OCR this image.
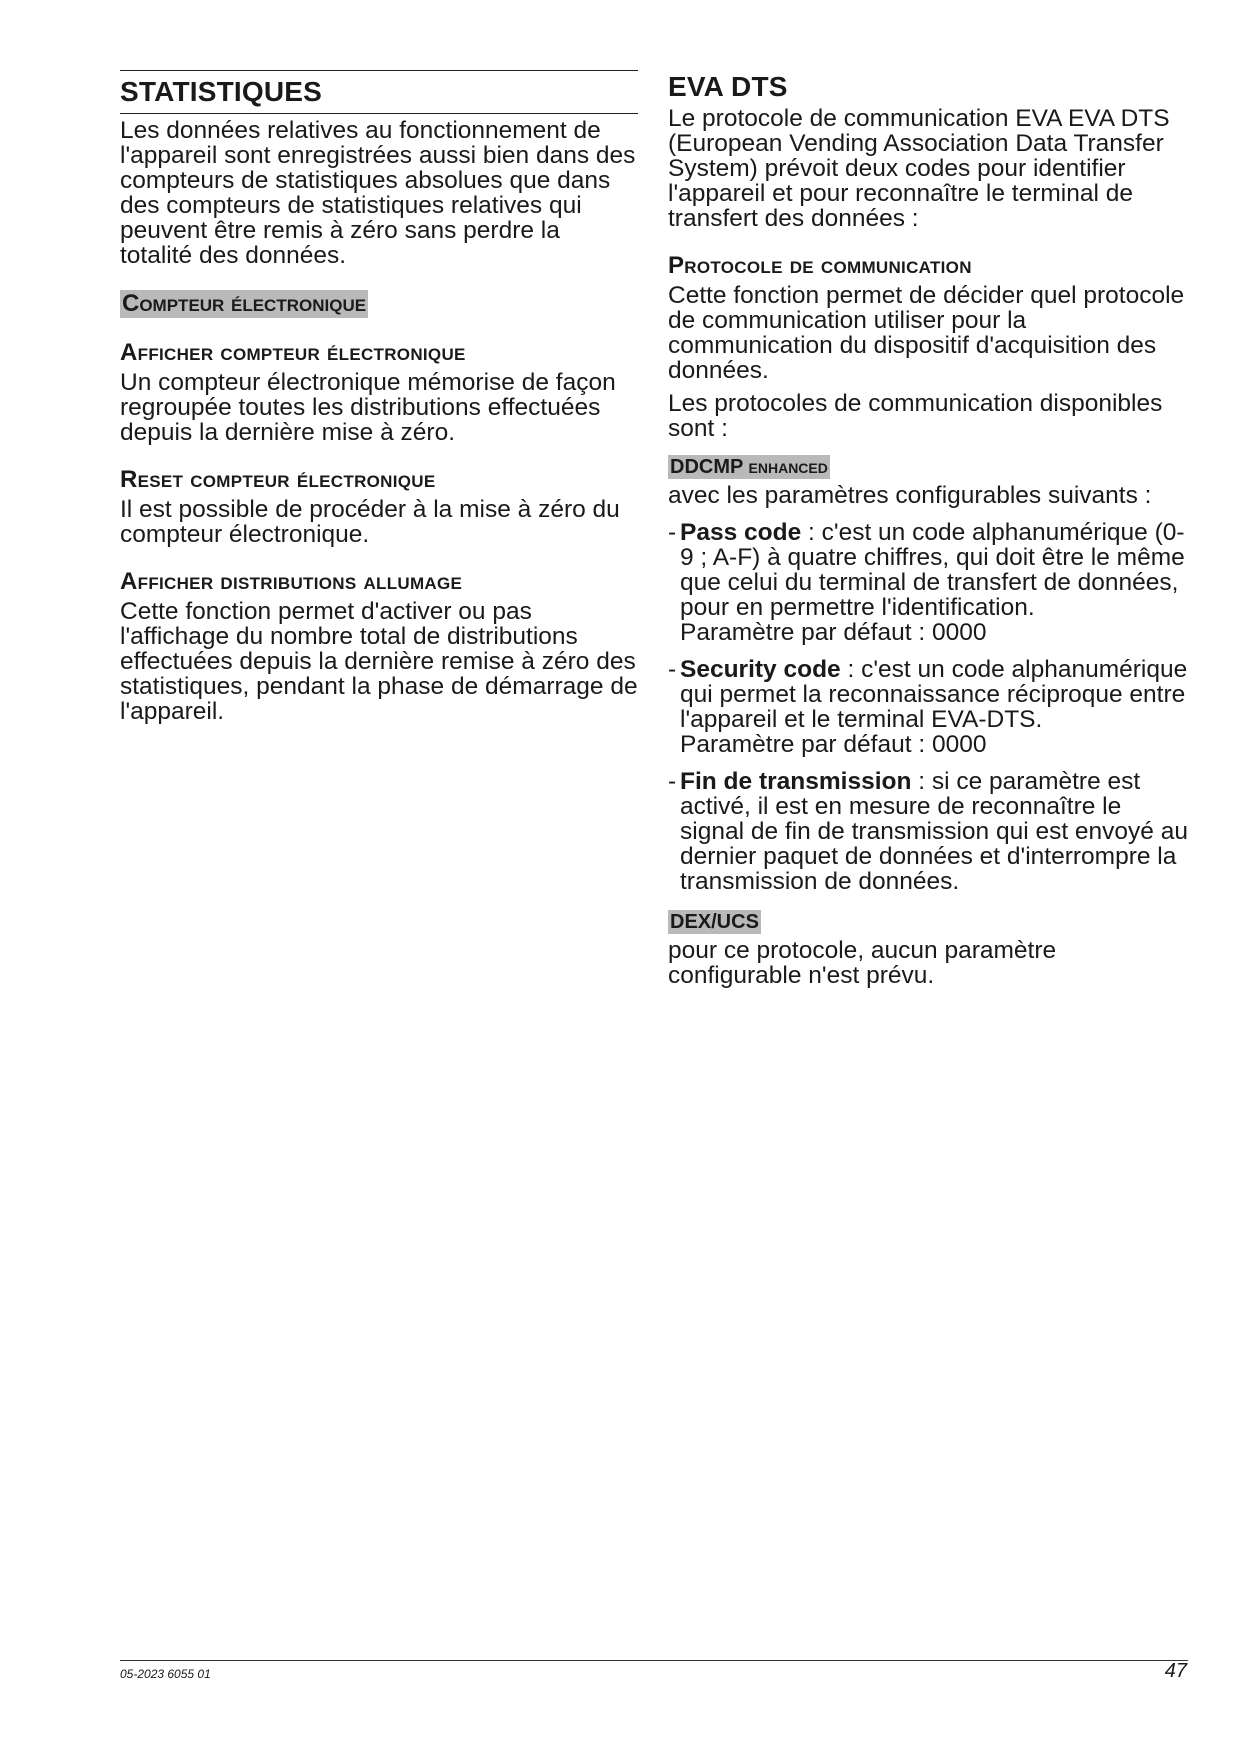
STATISTIQUES

Les données relatives au fonctionnement de l'appareil sont enregistrées aussi bien dans des compteurs de statistiques absolues que dans des compteurs de statistiques relatives qui peuvent être remis à zéro sans perdre la totalité des données.

Compteur électronique
Afficher compteur électronique

Un compteur électronique mémorise de façon regroupée toutes les distributions effectuées depuis la dernière mise à zéro.

Reset compteur électronique

Il est possible de procéder à la mise à zéro du compteur électronique.

Afficher distributions allumage

Cette fonction permet d'activer ou pas l'affichage du nombre total de distributions effectuées depuis la dernière remise à zéro des statistiques, pendant la phase de démarrage de l'appareil.

EVA DTS

Le protocole de communication EVA EVA DTS (European Vending Association Data Transfer System) prévoit deux codes pour identifier l'appareil et pour reconnaître le terminal de transfert des données :

Protocole de communication

Cette fonction permet de décider quel protocole de communication utiliser pour la communication du dispositif d'acquisition des données.

Les protocoles de communication disponibles sont :

DDCMP enhanced

avec les paramètres configurables suivants :

- Pass code : c'est un code alphanumérique (0-9 ; A-F) à quatre chiffres, qui doit être le même que celui du terminal de transfert de données, pour en permettre l'identification.
Paramètre par défaut : 0000
- Security code : c'est un code alphanumérique qui permet la reconnaissance réciproque entre l'appareil et le terminal EVA-DTS.
Paramètre par défaut : 0000
- Fin de transmission : si ce paramètre est activé, il est en mesure de reconnaître le signal de fin de transmission qui est envoyé au dernier paquet de données et d'interrompre la transmission de données.
DEX/UCS

pour ce protocole, aucun paramètre configurable n'est prévu.

05-2023 6055 01	47
